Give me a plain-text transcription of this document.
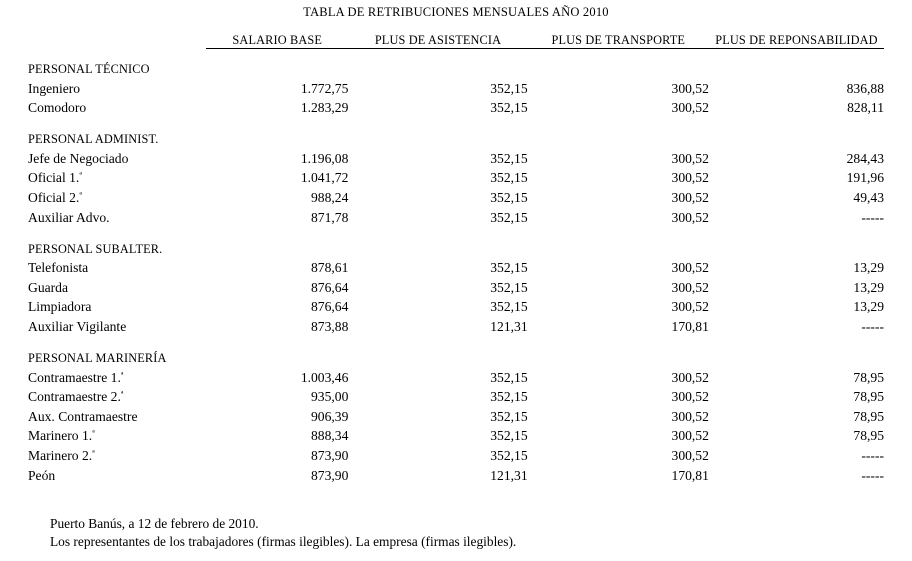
TABLA DE RETRIBUCIONES MENSUALES AÑO 2010
	SALARIO BASE	PLUS DE ASISTENCIA	PLUS DE TRANSPORTE	PLUS DE REPONSABILIDAD

PERSONAL TÉCNICO				
Ingeniero	1.772,75	352,15	300,52	836,88
Comodoro	1.283,29	352,15	300,52	828,11

PERSONAL ADMINIST.				
Jefe de Negociado	1.196,08	352,15	300,52	284,43
Oficial 1.$^ª$	1.041,72	352,15	300,52	191,96
Oficial 2.$^ª$	988,24	352,15	300,52	49,43
Auxiliar Advo.	871,78	352,15	300,52	-----

PERSONAL SUBALTER.				
Telefonista	878,61	352,15	300,52	13,29
Guarda	876,64	352,15	300,52	13,29
Limpiadora	876,64	352,15	300,52	13,29
Auxiliar Vigilante	873,88	121,31	170,81	-----

PERSONAL MARINERÍA				
Contramaestre 1.$^ª$	1.003,46	352,15	300,52	78,95
Contramaestre 2.$^ª$	935,00	352,15	300,52	78,95
Aux. Contramaestre	906,39	352,15	300,52	78,95
Marinero 1.$^ª$	888,34	352,15	300,52	78,95
Marinero 2.$^ª$	873,90	352,15	300,52	-----
Peón	873,90	121,31	170,81	-----
Puerto Banús, a 12 de febrero de 2010.
Los representantes de los trabajadores (firmas ilegibles). La empresa (firmas ilegibles).
